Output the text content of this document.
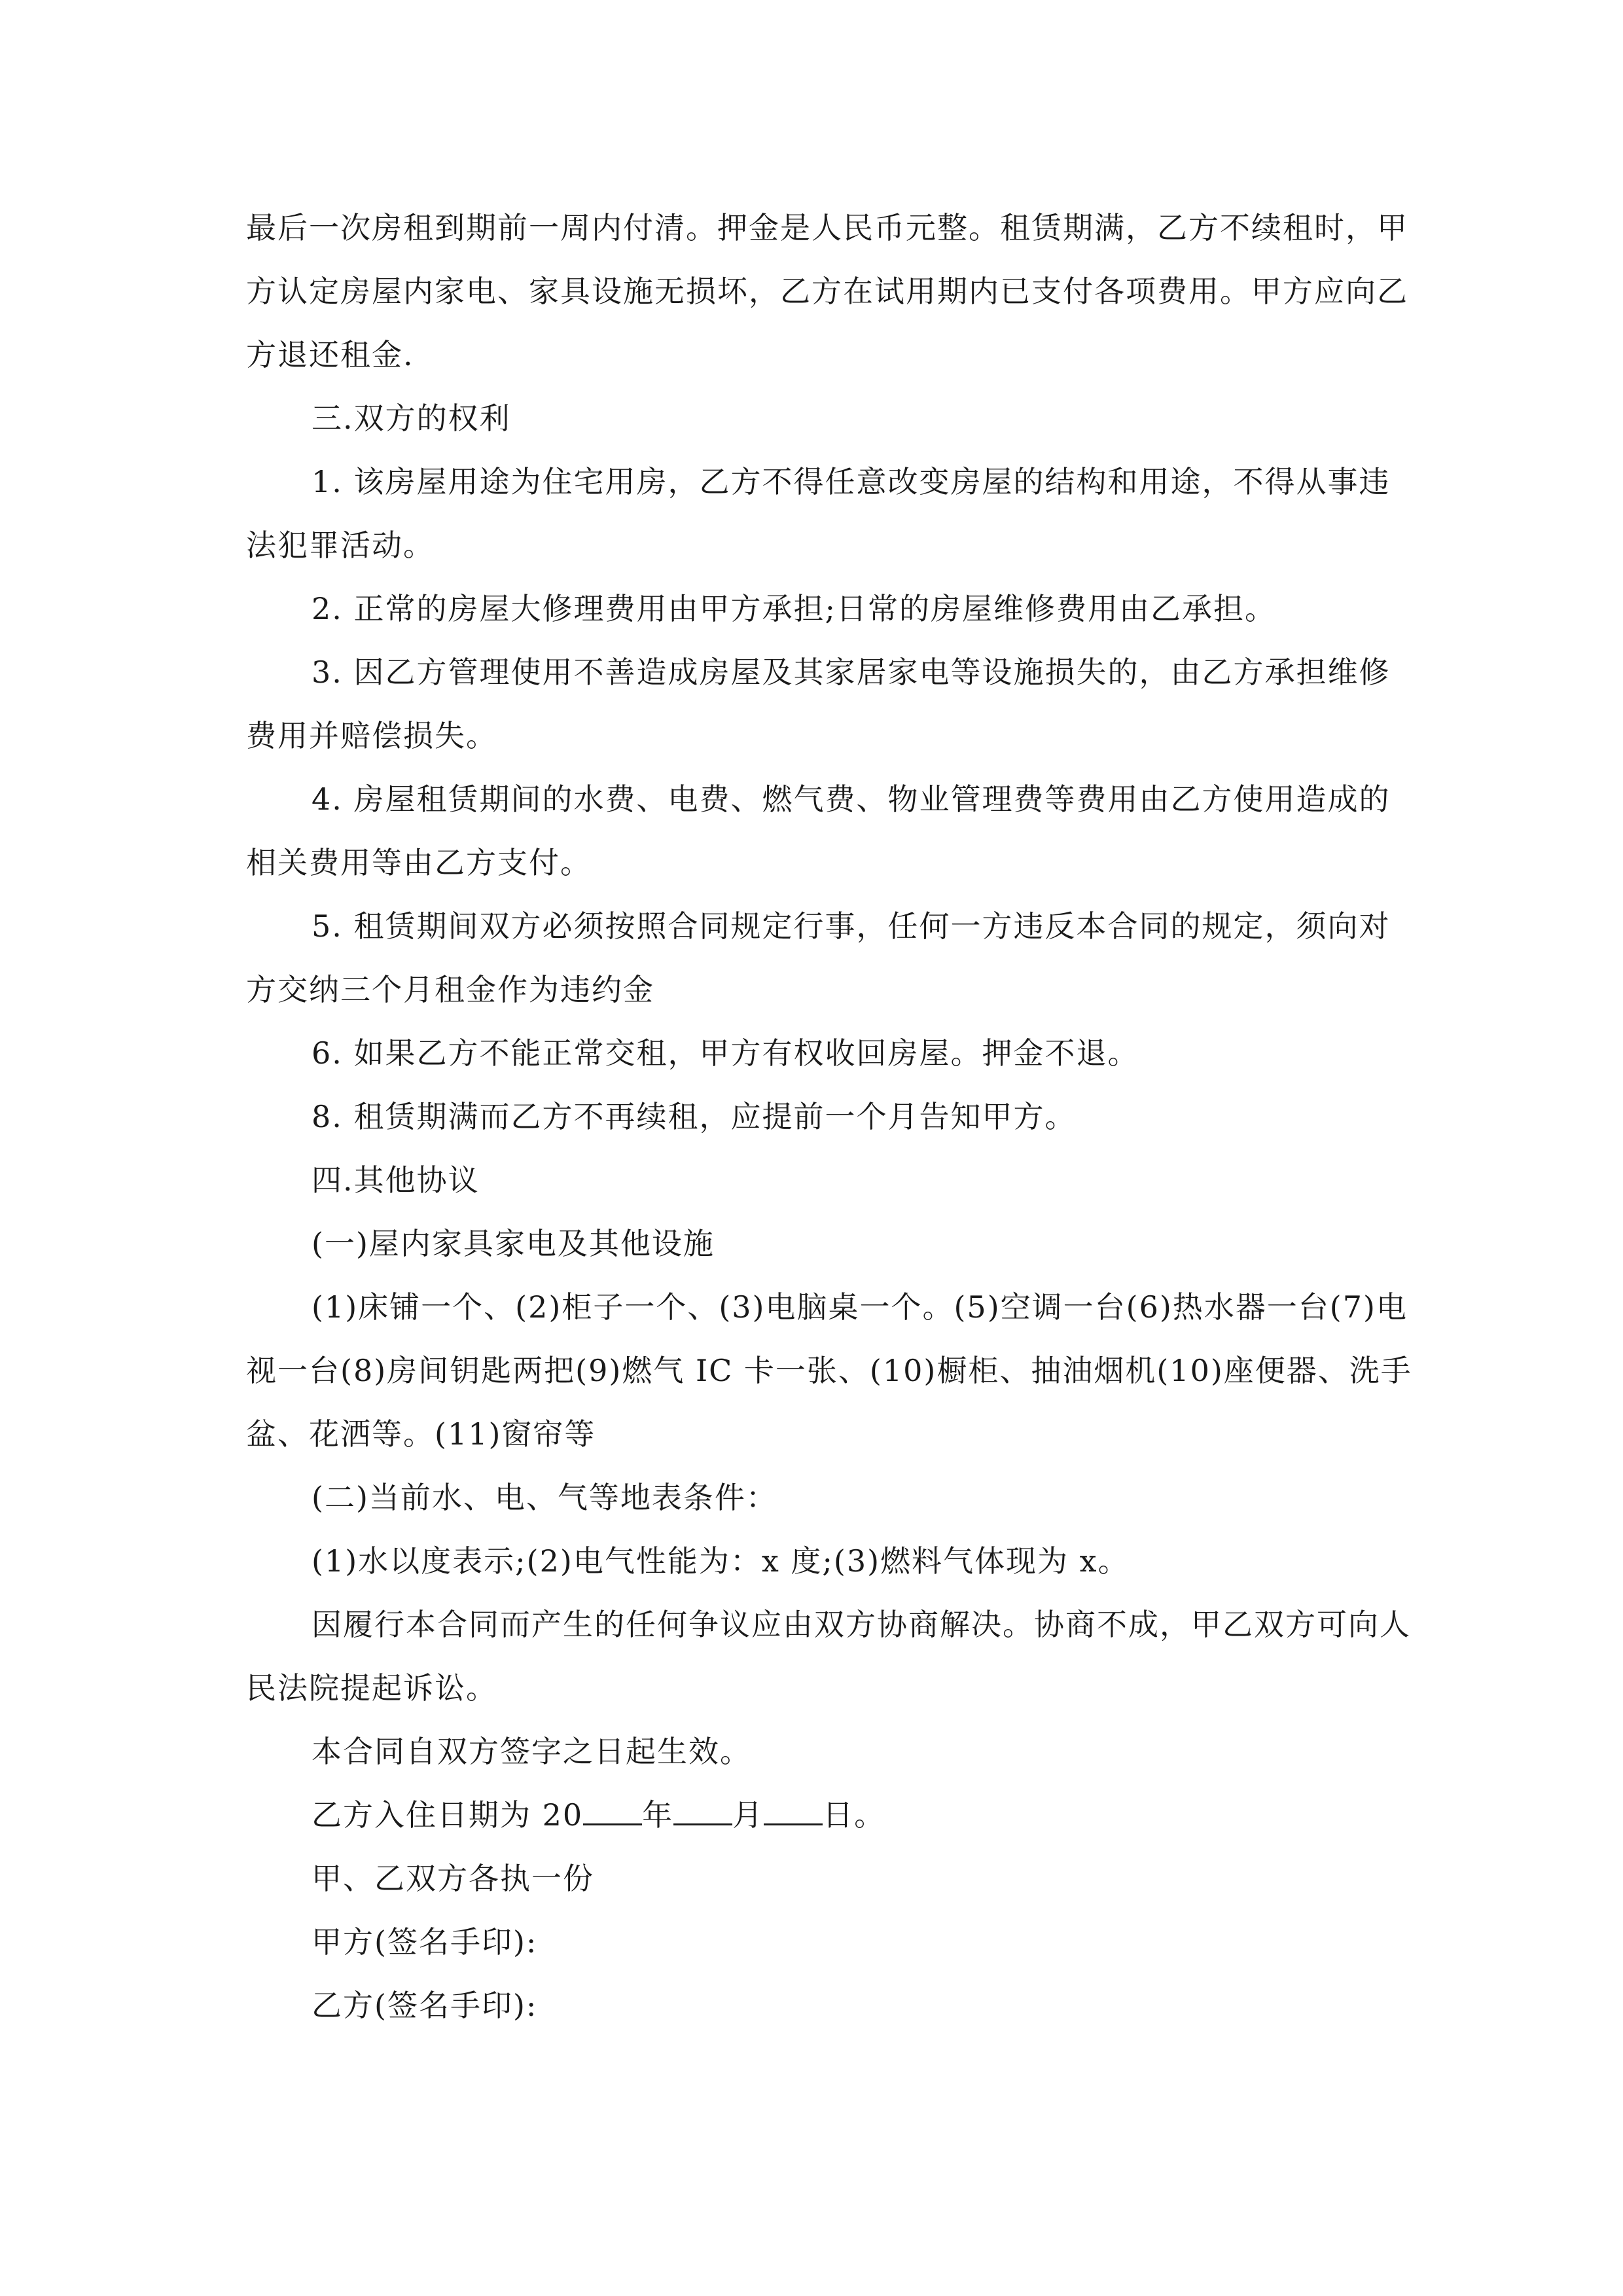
最后一次房租到期前一周内付清。押金是人民币元整。租赁期满，乙方不续租时，甲方认定房屋内家电、家具设施无损坏，乙方在试用期内已支付各项费用。甲方应向乙方退还租金.

三.双方的权利

1. 该房屋用途为住宅用房，乙方不得任意改变房屋的结构和用途，不得从事违法犯罪活动。

2. 正常的房屋大修理费用由甲方承担;日常的房屋维修费用由乙承担。

3. 因乙方管理使用不善造成房屋及其家居家电等设施损失的，由乙方承担维修费用并赔偿损失。

4. 房屋租赁期间的水费、电费、燃气费、物业管理费等费用由乙方使用造成的相关费用等由乙方支付。

5. 租赁期间双方必须按照合同规定行事，任何一方违反本合同的规定，须向对方交纳三个月租金作为违约金

6. 如果乙方不能正常交租，甲方有权收回房屋。押金不退。

8. 租赁期满而乙方不再续租，应提前一个月告知甲方。

四.其他协议

(一)屋内家具家电及其他设施

(1)床铺一个、(2)柜子一个、(3)电脑桌一个。(5)空调一台(6)热水器一台(7)电视一台(8)房间钥匙两把(9)燃气 IC 卡一张、(10)橱柜、抽油烟机(10)座便器、洗手盆、花洒等。(11)窗帘等

(二)当前水、电、气等地表条件：

(1)水以度表示;(2)电气性能为：x 度;(3)燃料气体现为 x。

因履行本合同而产生的任何争议应由双方协商解决。协商不成，甲乙双方可向人民法院提起诉讼。

本合同自双方签字之日起生效。

乙方入住日期为 20 年 月 日。

甲、乙双方各执一份

甲方(签名手印):

乙方(签名手印):
